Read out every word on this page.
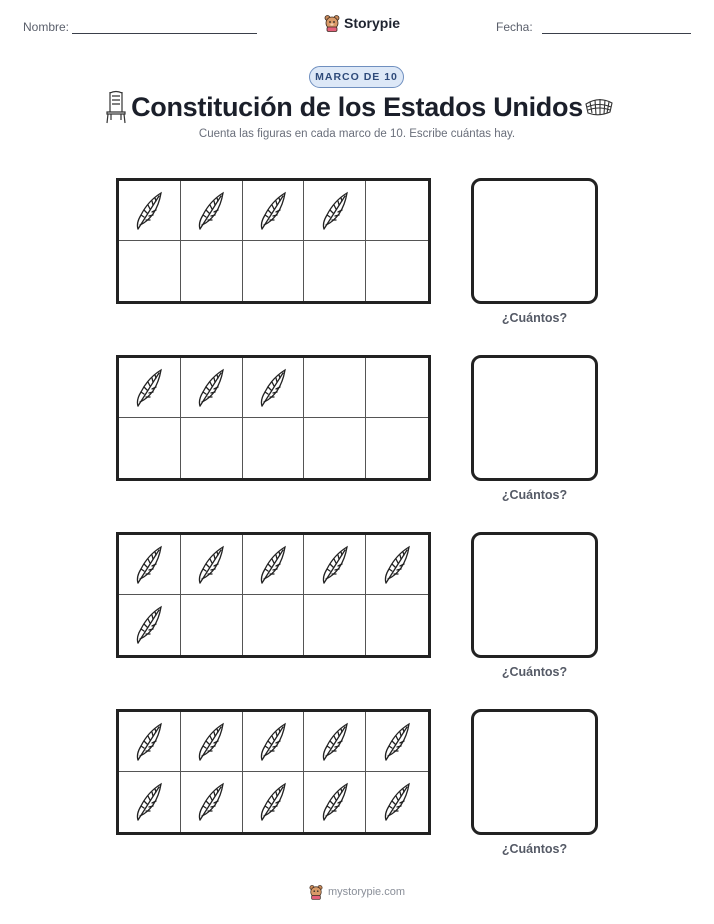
Nombre:	Storypie	Fecha:
MARCO DE 10
Constitución de los Estados Unidos
Cuenta las figuras en cada marco de 10. Escribe cuántas hay.
¿Cuántos?
¿Cuántos?
¿Cuántos?
¿Cuántos?
mystorypie.com
